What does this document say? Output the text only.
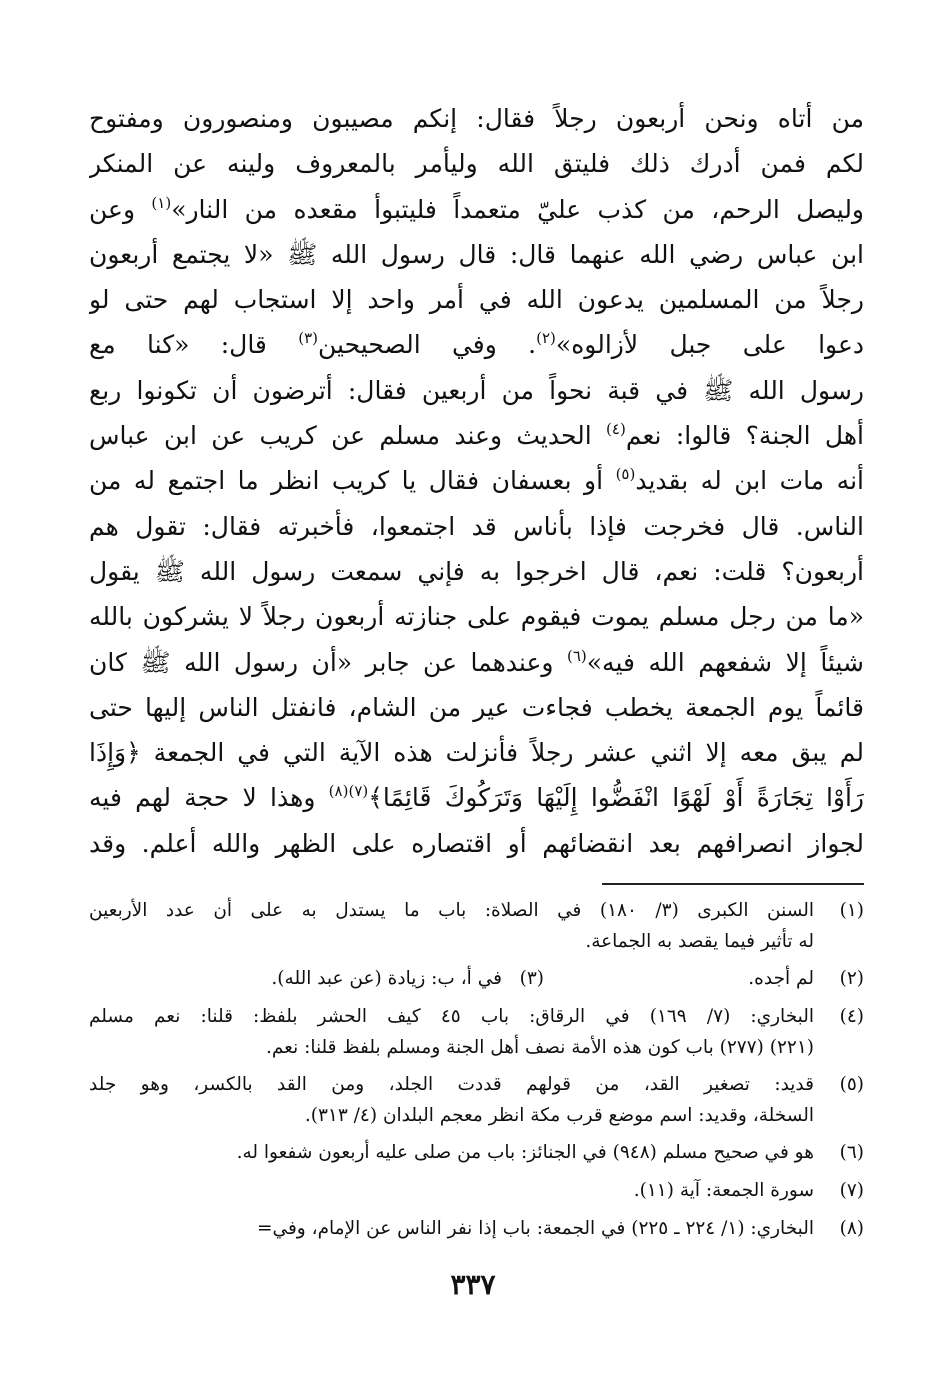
من أتاه ونحن أربعون رجلاً فقال: إنكم مصيبون ومنصورون ومفتوح
لكم فمن أدرك ذلك فليتق الله وليأمر بالمعروف ولينه عن المنكر
وليصل الرحم، من كذب عليّ متعمداً فليتبوأ مقعده من النار»$^{(١)}$ وعن
ابن عباس رضي الله عنهما قال: قال رسول الله ﷺ «لا يجتمع أربعون
رجلاً من المسلمين يدعون الله في أمر واحد إلا استجاب لهم حتى لو
دعوا على جبل لأزالوه»$^{(٢)}$. وفي الصحيحين$^{(٣)}$ قال: «كنا مع
رسول الله ﷺ في قبة نحواً من أربعين فقال: أترضون أن تكونوا ربع
أهل الجنة؟ قالوا: نعم$^{(٤)}$ الحديث وعند مسلم عن كريب عن ابن عباس
أنه مات ابن له بقديد$^{(٥)}$ أو بعسفان فقال يا كريب انظر ما اجتمع له من
الناس. قال فخرجت فإذا بأناس قد اجتمعوا، فأخبرته فقال: تقول هم
أربعون؟ قلت: نعم، قال اخرجوا به فإني سمعت رسول الله ﷺ يقول
«ما من رجل مسلم يموت فيقوم على جنازته أربعون رجلاً لا يشركون بالله
شيئاً إلا شفعهم الله فيه»$^{(٦)}$ وعندهما عن جابر «أن رسول الله ﷺ كان
قائماً يوم الجمعة يخطب فجاءت عير من الشام، فانفتل الناس إليها حتى
لم يبق معه إلا اثني عشر رجلاً فأنزلت هذه الآية التي في الجمعة ﴿وَإِذَا
رَأَوْا تِجَارَةً أَوْ لَهْوًا انْفَضُّوا إِلَيْهَا وَتَرَكُوكَ قَائِمًا﴾$^{(٧)(٨)}$ وهذا لا حجة لهم فيه
لجواز انصرافهم بعد انقضائهم أو اقتصاره على الظهر والله أعلم. وقد
(١)
السنن الكبرى (٣/ ١٨٠) في الصلاة: باب ما يستدل به على أن عدد الأربعين
له تأثير فيما يقصد به الجماعة.
(٢)
لم أجده.
(٣)   في أ، ب: زيادة (عن عبد الله).
(٤)
البخاري: (٧/ ١٦٩) في الرقاق: باب ٤٥ كيف الحشر بلفظ: قلنا: نعم مسلم
(٢٢١) (٢٧٧) باب كون هذه الأمة نصف أهل الجنة ومسلم بلفظ قلنا: نعم.
(٥)
قديد: تصغير القد، من قولهم قددت الجلد، ومن القد بالكسر، وهو جلد
السخلة، وقديد: اسم موضع قرب مكة انظر معجم البلدان (٤/ ٣١٣).
(٦)
هو في صحيح مسلم (٩٤٨) في الجنائز: باب من صلى عليه أربعون شفعوا له.
(٧)
سورة الجمعة: آية (١١).
(٨)
البخاري: (١/ ٢٢٤ ـ ٢٢٥) في الجمعة: باب إذا نفر الناس عن الإمام، وفي=
٣٣٧
